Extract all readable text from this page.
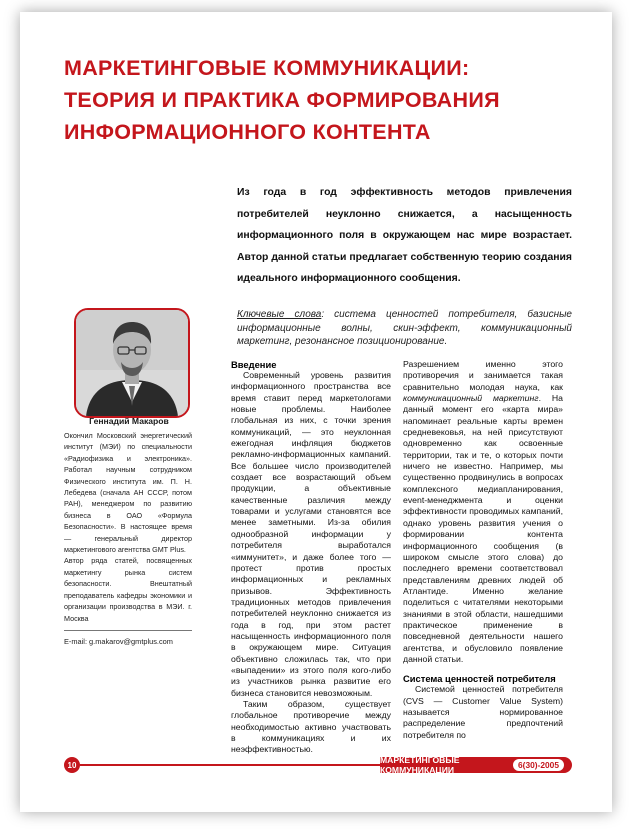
МАРКЕТИНГОВЫЕ КОММУНИКАЦИИ:
ТЕОРИЯ И ПРАКТИКА ФОРМИРОВАНИЯ
ИНФОРМАЦИОННОГО КОНТЕНТА
Из года в год эффективность методов привлечения потребителей неуклонно снижается, а насыщенность информационного поля в окружающем нас мире возрастает. Автор данной статьи предлагает собственную теорию создания идеального информационного сообщения.
Ключевые слова: система ценностей потребителя, базисные информационные волны, скин-эффект, коммуникационный маркетинг, резонансное позиционирование.
Геннадий Макаров
Окончил Московский энергетический институт (МЭИ) по специальности «Радиофизика и электроника». Работал научным сотрудником Физического института им. П. Н. Лебедева (сначала АН СССР, потом РАН), менеджером по развитию бизнеса в ОАО «Формула Безопасности». В настоящее время — генеральный директор маркетингового агентства GMT Plus.
Автор ряда статей, посвященных маркетингу рынка систем безопасности. Внештатный преподаватель кафедры экономики и организации производства в МЭИ. г. Москва
E-mail: g.makarov@gmtplus.com
Введение

Современный уровень развития информационного пространства все время ставит перед маркетологами новые проблемы. Наиболее глобальная из них, с точки зрения коммуникаций, — это неуклонная ежегодная инфляция бюджетов рекламно-информационных кампаний. Все большее число производителей создает все возрастающий объем продукции, а объективные качественные различия между товарами и услугами становятся все менее заметными. Из-за обилия однообразной информации у потребителя выработался «иммунитет», и даже более того — протест против простых информационных и рекламных призывов. Эффективность традиционных методов привлечения потребителей неуклонно снижается из года в год, при этом растет насыщенность информационного поля в окружающем мире. Ситуация объективно сложилась так, что при «выпадении» из этого поля кого-либо из участников рынка развитие его бизнеса становится невозможным.

Таким образом, существует глобальное противоречие между необходимостью активно участвовать в коммуникациях и их неэффективностью.

Разрешением именно этого противоречия и занимается такая сравнительно молодая наука, как коммуникационный маркетинг. На данный момент его «карта мира» напоминает реальные карты времен средневековья, на ней присутствуют одновременно как освоенные территории, так и те, о которых почти ничего не известно. Например, мы существенно продвинулись в вопросах комплексного медиапланирования, event-менеджмента и оценки эффективности проводимых кампаний, однако уровень развития учения о формировании контента информационного сообщения (в широком смысле этого слова) до последнего времени соответствовал представлениям древних людей об Атлантиде. Именно желание поделиться с читателями некоторыми знаниями в этой области, нашедшими практическое применение в повседневной деятельности нашего агентства, и обусловило появление данной статьи.

Система ценностей потребителя

Системой ценностей потребителя (CVS — Customer Value System) называется нормированное распределение предпочтений потребителя по

10	МАРКЕТИНГОВЫЕ КОММУНИКАЦИИ	6(30)-2005
